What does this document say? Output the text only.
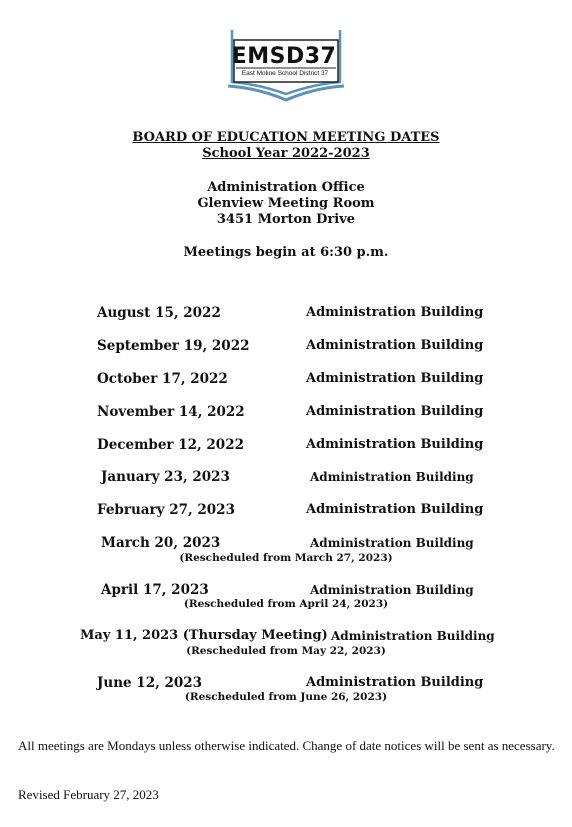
EMSD37
East Moline School District 37
BOARD OF EDUCATION MEETING DATES
School Year 2022-2023
Administration Office
Glenview Meeting Room
3451 Morton Drive
Meetings begin at 6:30 p.m.
August 15, 2022	Administration Building
September 19, 2022	Administration Building
October 17, 2022	Administration Building
November 14, 2022	Administration Building
December 12, 2022	Administration Building
January 23, 2023	Administration Building
February 27, 2023	Administration Building
March 20, 2023	Administration Building
(Rescheduled from March 27, 2023)
April 17, 2023	Administration Building
(Rescheduled from April 24, 2023)
May 11, 2023 (Thursday Meeting) Administration Building
(Rescheduled from May 22, 2023)
June 12, 2023	Administration Building
(Rescheduled from June 26, 2023)
All meetings are Mondays unless otherwise indicated. Change of date notices will be sent as necessary.
Revised February 27, 2023
